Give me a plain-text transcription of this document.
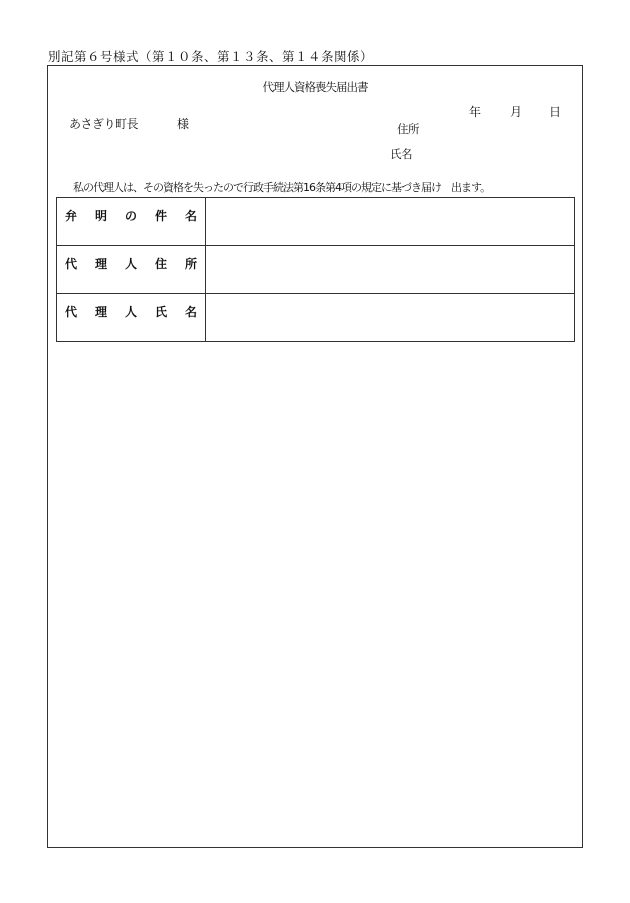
別記第６号様式（第１０条、第１３条、第１４条関係）
代理人資格喪失届出書
年 月 日
あさぎり町長	様	住所
氏名
私の代理人は、その資格を失ったので行政手続法第16条第4項の規定に基づき届け　出ます。
弁明の件名	
代理人住所	
代理人氏名	
